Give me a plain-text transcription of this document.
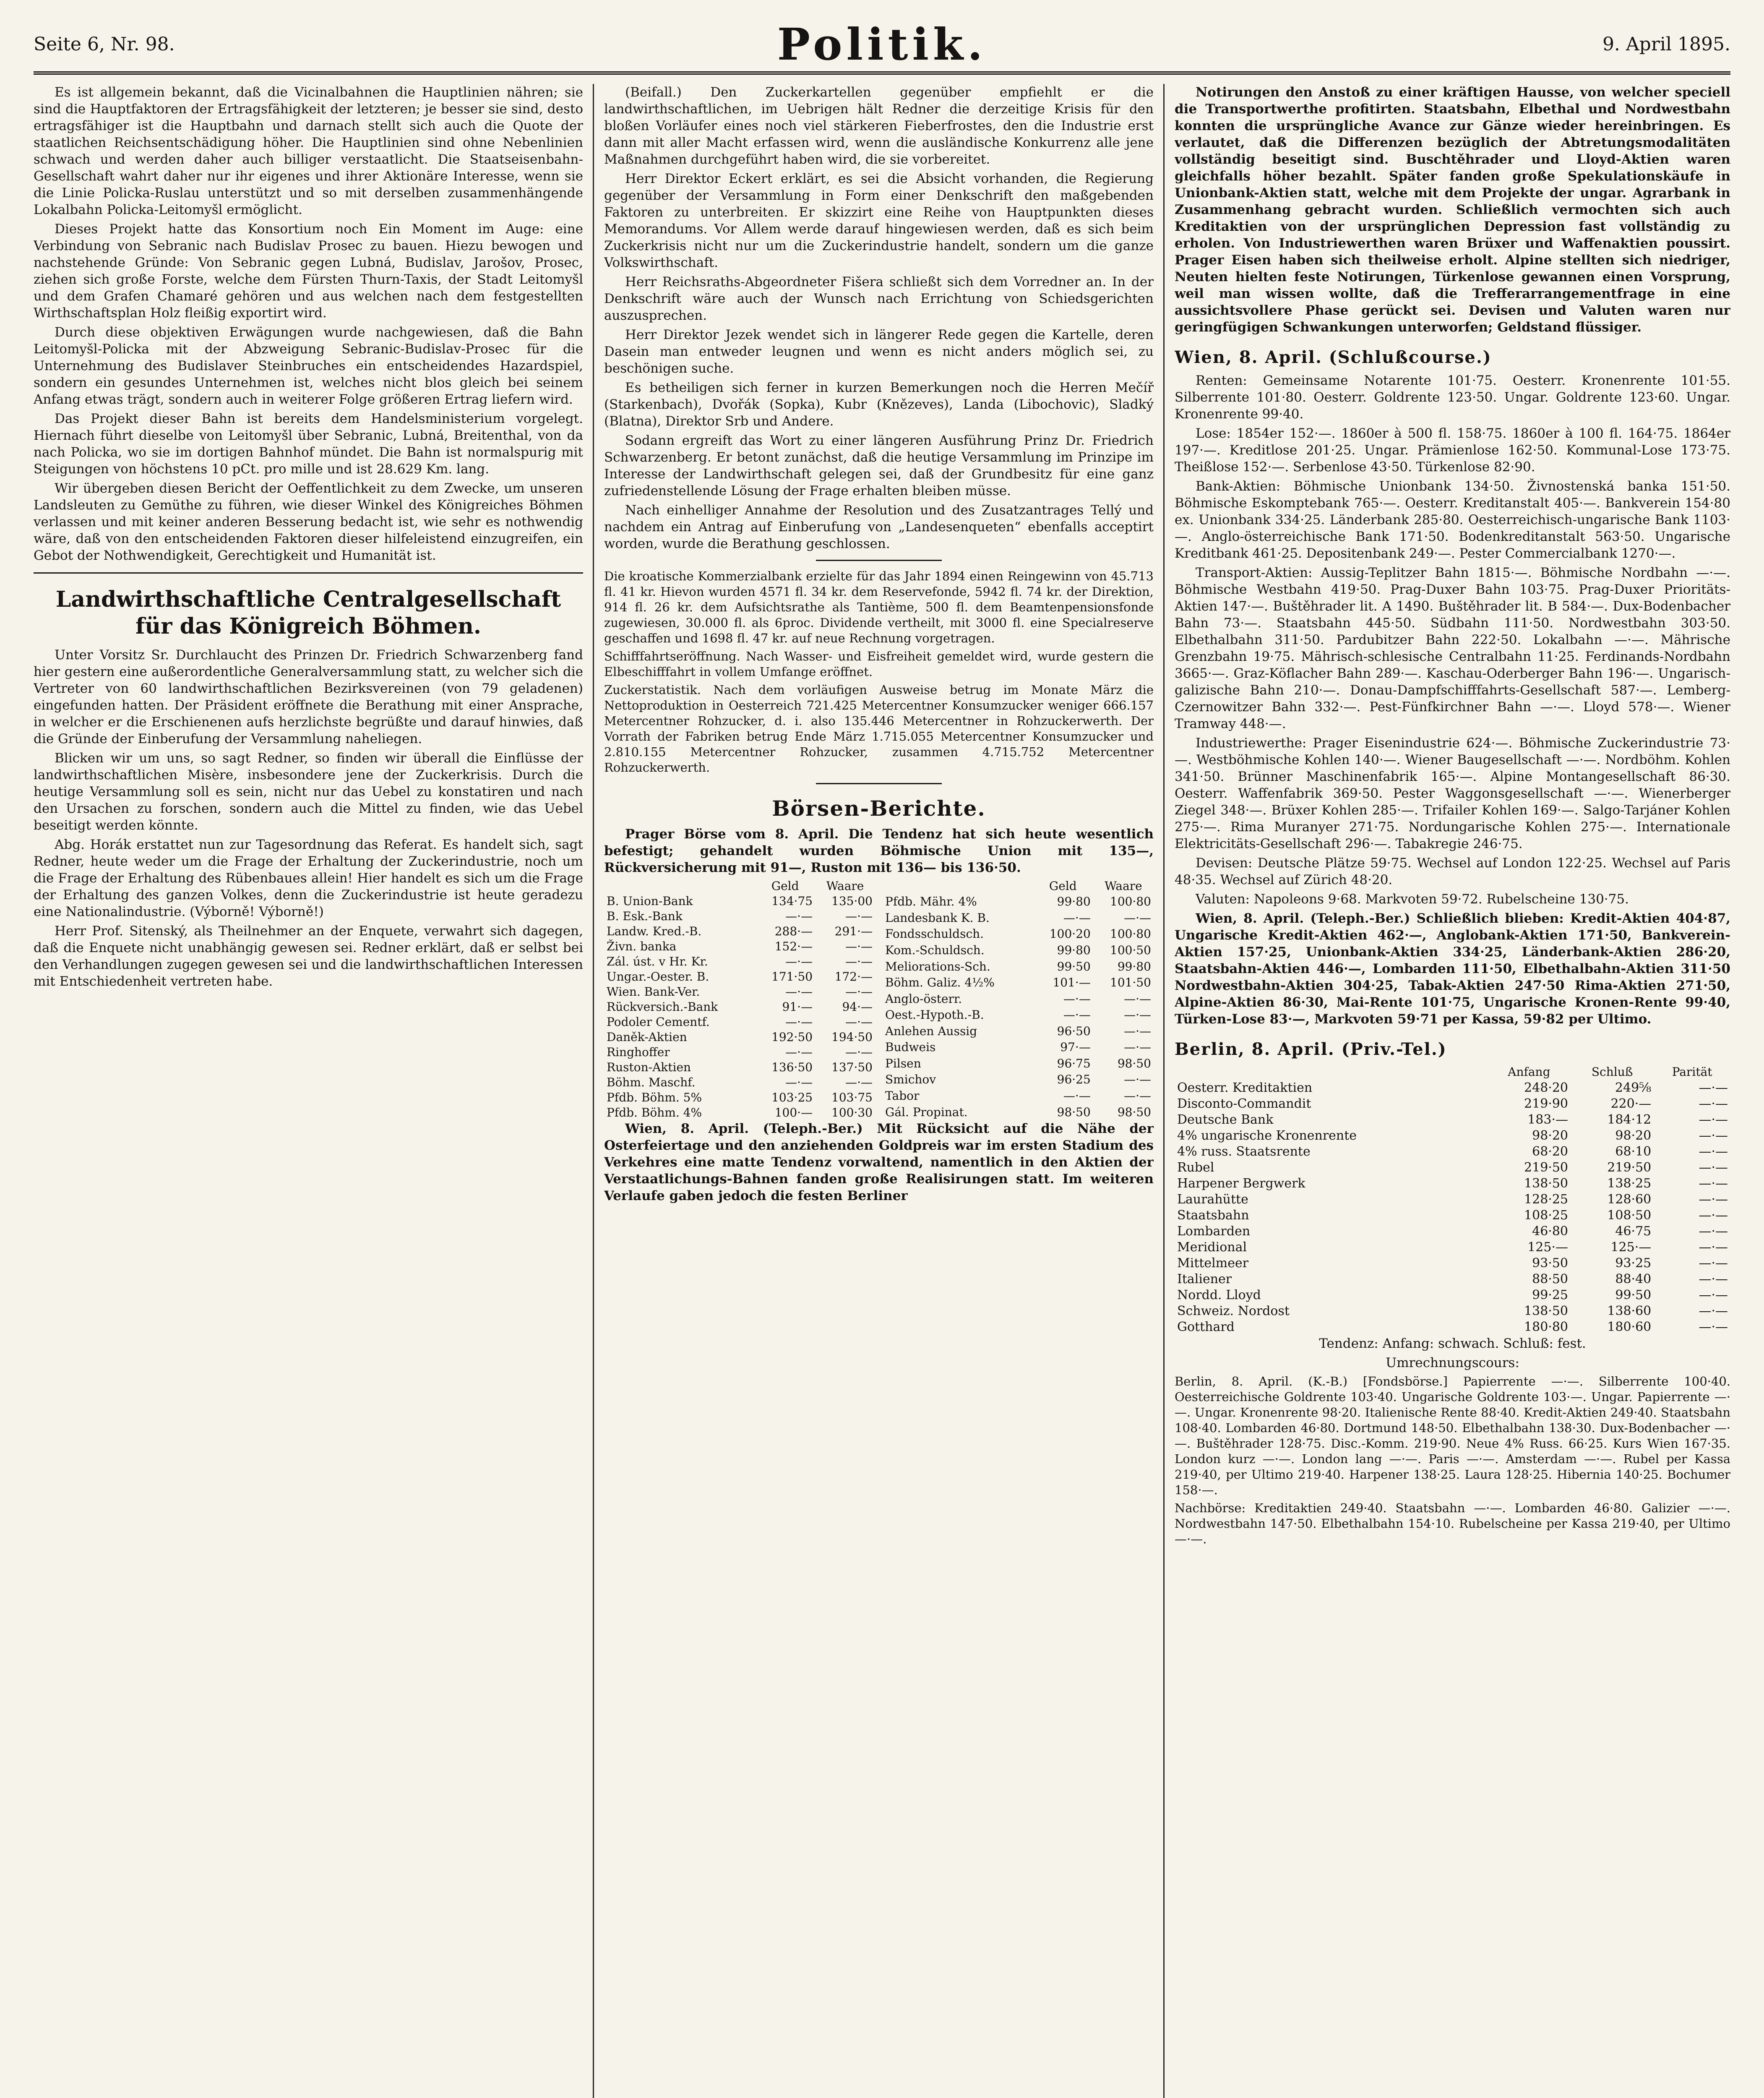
Seite 6, Nr. 98.	Politik.	9. April 1895.

Es ist allgemein bekannt, daß die Vicinalbahnen die Hauptlinien nähren; sie sind die Hauptfaktoren der Ertragsfähigkeit der letzteren; je besser sie sind, desto ertragsfähiger ist die Hauptbahn und darnach stellt sich auch die Quote der staatlichen Reichsentschädigung höher. Die Hauptlinien sind ohne Nebenlinien schwach und werden daher auch billiger verstaatlicht. Die Staatseisenbahn-Gesellschaft wahrt daher nur ihr eigenes und ihrer Aktionäre Interesse, wenn sie die Linie Policka-Ruslau unterstützt und so mit derselben zusammenhängende Lokalbahn Policka-Leitomyšl ermöglicht.

Dieses Projekt hatte das Konsortium noch Ein Moment im Auge: eine Verbindung von Sebranic nach Budislav Prosec zu bauen. Hiezu bewogen und nachstehende Gründe: Von Sebranic gegen Lubná, Budislav, Jarošov, Prosec, ziehen sich große Forste, welche dem Fürsten Thurn-Taxis, der Stadt Leitomyšl und dem Grafen Chamaré gehören und aus welchen nach dem festgestellten Wirthschaftsplan Holz fleißig exportirt wird.

Durch diese objektiven Erwägungen wurde nachgewiesen, daß die Bahn Leitomyšl-Policka mit der Abzweigung Sebranic-Budislav-Prosec für die Unternehmung des Budislaver Steinbruches ein entscheidendes Hazardspiel, sondern ein gesundes Unternehmen ist, welches nicht blos gleich bei seinem Anfang etwas trägt, sondern auch in weiterer Folge größeren Ertrag liefern wird.

Das Projekt dieser Bahn ist bereits dem Handelsministerium vorgelegt. Hiernach führt dieselbe von Leitomyšl über Sebranic, Lubná, Breitenthal, von da nach Policka, wo sie im dortigen Bahnhof mündet. Die Bahn ist normalspurig mit Steigungen von höchstens 10 pCt. pro mille und ist 28.629 Km. lang.

Wir übergeben diesen Bericht der Oeffentlichkeit zu dem Zwecke, um unseren Landsleuten zu Gemüthe zu führen, wie dieser Winkel des Königreiches Böhmen verlassen und mit keiner anderen Besserung bedacht ist, wie sehr es nothwendig wäre, daß von den entscheidenden Faktoren dieser hilfeleistend einzugreifen, ein Gebot der Nothwendigkeit, Gerechtigkeit und Humanität ist.

Landwirthschaftliche Centralgesellschaft für das Königreich Böhmen.

Unter Vorsitz Sr. Durchlaucht des Prinzen Dr. Friedrich Schwarzenberg fand hier gestern eine außerordentliche Generalversammlung statt, zu welcher sich die Vertreter von 60 landwirthschaftlichen Bezirksvereinen (von 79 geladenen) eingefunden hatten. Der Präsident eröffnete die Berathung mit einer Ansprache, in welcher er die Erschienenen aufs herzlichste begrüßte und darauf hinwies, daß die Gründe der Einberufung der Versammlung naheliegen.

Blicken wir um uns, so sagt Redner, so finden wir überall die Einflüsse der landwirthschaftlichen Misère, insbesondere jene der Zuckerkrisis. Durch die heutige Versammlung soll es sein, nicht nur das Uebel zu konstatiren und nach den Ursachen zu forschen, sondern auch die Mittel zu finden, wie das Uebel beseitigt werden könnte.

Abg. Horák erstattet nun zur Tagesordnung das Referat. Es handelt sich, sagt Redner, heute weder um die Frage der Erhaltung der Zuckerindustrie, noch um die Frage der Erhaltung des Rübenbaues allein! Hier handelt es sich um die Frage der Erhaltung des ganzen Volkes, denn die Zuckerindustrie ist heute geradezu eine Nationalindustrie. (Výborně! Výborně!)

Herr Prof. Sitenský, als Theilnehmer an der Enquete, verwahrt sich dagegen, daß die Enquete nicht unabhängig gewesen sei. Redner erklärt, daß er selbst bei den Verhandlungen zugegen gewesen sei und die landwirthschaftlichen Interessen mit Entschiedenheit vertreten habe.

(Beifall.) Den Zuckerkartellen gegenüber empfiehlt er die landwirthschaftlichen, im Uebrigen hält Redner die derzeitige Krisis für den bloßen Vorläufer eines noch viel stärkeren Fieberfrostes, den die Industrie erst dann mit aller Macht erfassen wird, wenn die ausländische Konkurrenz alle jene Maßnahmen durchgeführt haben wird, die sie vorbereitet.

Herr Direktor Eckert erklärt, es sei die Absicht vorhanden, die Regierung gegenüber der Versammlung in Form einer Denkschrift den maßgebenden Faktoren zu unterbreiten. Er skizzirt eine Reihe von Hauptpunkten dieses Memorandums. Vor Allem werde darauf hingewiesen werden, daß es sich beim Zuckerkrisis nicht nur um die Zuckerindustrie handelt, sondern um die ganze Volkswirthschaft.

Herr Reichsraths-Abgeordneter Fišera schließt sich dem Vorredner an. In der Denkschrift wäre auch der Wunsch nach Errichtung von Schiedsgerichten auszusprechen.

Herr Direktor Jezek wendet sich in längerer Rede gegen die Kartelle, deren Dasein man entweder leugnen und wenn es nicht anders möglich sei, zu beschönigen suche.

Es betheiligen sich ferner in kurzen Bemerkungen noch die Herren Mečíř (Starkenbach), Dvořák (Sopka), Kubr (Knězeves), Landa (Libochovic), Sladký (Blatna), Direktor Srb und Andere.

Sodann ergreift das Wort zu einer längeren Ausführung Prinz Dr. Friedrich Schwarzenberg. Er betont zunächst, daß die heutige Versammlung im Prinzipe im Interesse der Landwirthschaft gelegen sei, daß der Grundbesitz für eine ganz zufriedenstellende Lösung der Frage erhalten bleiben müsse.

Nach einhelliger Annahme der Resolution und des Zusatzantrages Tellý und nachdem ein Antrag auf Einberufung von „Landesenqueten“ ebenfalls acceptirt worden, wurde die Berathung geschlossen.

Die kroatische Kommerzialbank erzielte für das Jahr 1894 einen Reingewinn von 45.713 fl. 41 kr. Hievon wurden 4571 fl. 34 kr. dem Reservefonde, 5942 fl. 74 kr. der Direktion, 914 fl. 26 kr. dem Aufsichtsrathe als Tantième, 500 fl. dem Beamtenpensionsfonde zugewiesen, 30.000 fl. als 6proc. Dividende vertheilt, mit 3000 fl. eine Specialreserve geschaffen und 1698 fl. 47 kr. auf neue Rechnung vorgetragen.

Schifffahrtseröffnung. Nach Wasser- und Eisfreiheit gemeldet wird, wurde gestern die Elbeschifffahrt in vollem Umfange eröffnet.

Zuckerstatistik. Nach dem vorläufigen Ausweise betrug im Monate März die Nettoproduktion in Oesterreich 721.425 Metercentner Konsumzucker weniger 666.157 Metercentner Rohzucker, d. i. also 135.446 Metercentner in Rohzuckerwerth. Der Vorrath der Fabriken betrug Ende März 1.715.055 Metercentner Konsumzucker und 2.810.155 Metercentner Rohzucker, zusammen 4.715.752 Metercentner Rohzuckerwerth.

Börsen-Berichte.

Prager Börse vom 8. April. Die Tendenz hat sich heute wesentlich befestigt; gehandelt wurden Böhmische Union mit 135—, Rückversicherung mit 91—, Ruston mit 136— bis 136·50.

	Geld	Waare
B. Union-Bank	134·75	135·00
B. Esk.-Bank	—·—	—·—
Landw. Kred.-B.	288·—	291·—
Živn. banka	152·—	—·—
Zál. úst. v Hr. Kr.	—·—	—·—
Ungar.-Oester. B.	171·50	172·—
Wien. Bank-Ver.	—·—	—·—
Rückversich.-Bank	91·—	94·—
Podoler Cementf.	—·—	—·—
Daněk-Aktien	192·50	194·50
Ringhoffer	—·—	—·—
Ruston-Aktien	136·50	137·50
Böhm. Maschf.	—·—	—·—
Pfdb. Böhm. 5%	103·25	103·75
Pfdb. Böhm. 4%	100·—	100·30
	Geld	Waare
Pfdb. Mähr. 4%	99·80	100·80
Landesbank K. B.	—·—	—·—
Fondsschuldsch.	100·20	100·80
Kom.-Schuldsch.	99·80	100·50
Meliorations-Sch.	99·50	99·80
Böhm. Galiz. 4½%	101·—	101·50
Anglo-österr.	—·—	—·—
Oest.-Hypoth.-B.	—·—	—·—
Anlehen Aussig	96·50	—·—
Budweis	97·—	—·—
Pilsen	96·75	98·50
Smichov	96·25	—·—
Tabor	—·—	—·—
Gál. Propinat.	98·50	98·50

Wien, 8. April. (Teleph.-Ber.) Mit Rücksicht auf die Nähe der Osterfeiertage und den anziehenden Goldpreis war im ersten Stadium des Verkehres eine matte Tendenz vorwaltend, namentlich in den Aktien der Verstaatlichungs-Bahnen fanden große Realisirungen statt. Im weiteren Verlaufe gaben jedoch die festen Berliner

Notirungen den Anstoß zu einer kräftigen Hausse, von welcher speciell die Transportwerthe profitirten. Staatsbahn, Elbethal und Nordwestbahn konnten die ursprüngliche Avance zur Gänze wieder hereinbringen. Es verlautet, daß die Differenzen bezüglich der Abtretungsmodalitäten vollständig beseitigt sind. Buschtěhrader und Lloyd-Aktien waren gleichfalls höher bezahlt. Später fanden große Spekulationskäufe in Unionbank-Aktien statt, welche mit dem Projekte der ungar. Agrarbank in Zusammenhang gebracht wurden. Schließlich vermochten sich auch Kreditaktien von der ursprünglichen Depression fast vollständig zu erholen. Von Industriewerthen waren Brüxer und Waffenaktien poussirt. Prager Eisen haben sich theilweise erholt. Alpine stellten sich niedriger, Neuten hielten feste Notirungen, Türkenlose gewannen einen Vorsprung, weil man wissen wollte, daß die Trefferarrangementfrage in eine aussichtsvollere Phase gerückt sei. Devisen und Valuten waren nur geringfügigen Schwankungen unterworfen; Geldstand flüssiger.

Wien, 8. April. (Schlußcourse.)

Renten: Gemeinsame Notarente 101·75. Oesterr. Kronenrente 101·55. Silberrente 101·80. Oesterr. Goldrente 123·50. Ungar. Goldrente 123·60. Ungar. Kronenrente 99·40.

Lose: 1854er 152·—. 1860er à 500 fl. 158·75. 1860er à 100 fl. 164·75. 1864er 197·—. Kreditlose 201·25. Ungar. Prämienlose 162·50. Kommunal-Lose 173·75. Theißlose 152·—. Serbenlose 43·50. Türkenlose 82·90.

Bank-Aktien: Böhmische Unionbank 134·50. Živnostenská banka 151·50. Böhmische Eskomptebank 765·—. Oesterr. Kreditanstalt 405·—. Bankverein 154·80 ex. Unionbank 334·25. Länderbank 285·80. Oesterreichisch-ungarische Bank 1103·—. Anglo-österreichische Bank 171·50. Bodenkreditanstalt 563·50. Ungarische Kreditbank 461·25. Depositenbank 249·—. Pester Commercialbank 1270·—.

Transport-Aktien: Aussig-Teplitzer Bahn 1815·—. Böhmische Nordbahn —·—. Böhmische Westbahn 419·50. Prag-Duxer Bahn 103·75. Prag-Duxer Prioritäts-Aktien 147·—. Buštěhrader lit. A 1490. Buštěhrader lit. B 584·—. Dux-Bodenbacher Bahn 73·—. Staatsbahn 445·50. Südbahn 111·50. Nordwestbahn 303·50. Elbethalbahn 311·50. Pardubitzer Bahn 222·50. Lokalbahn —·—. Mährische Grenzbahn 19·75. Mährisch-schlesische Centralbahn 11·25. Ferdinands-Nordbahn 3665·—. Graz-Köflacher Bahn 289·—. Kaschau-Oderberger Bahn 196·—. Ungarisch-galizische Bahn 210·—. Donau-Dampfschifffahrts-Gesellschaft 587·—. Lemberg-Czernowitzer Bahn 332·—. Pest-Fünfkirchner Bahn —·—. Lloyd 578·—. Wiener Tramway 448·—.

Industriewerthe: Prager Eisenindustrie 624·—. Böhmische Zuckerindustrie 73·—. Westböhmische Kohlen 140·—. Wiener Baugesellschaft —·—. Nordböhm. Kohlen 341·50. Brünner Maschinenfabrik 165·—. Alpine Montangesellschaft 86·30. Oesterr. Waffenfabrik 369·50. Pester Waggonsgesellschaft —·—. Wienerberger Ziegel 348·—. Brüxer Kohlen 285·—. Trifailer Kohlen 169·—. Salgo-Tarjáner Kohlen 275·—. Rima Muranyer 271·75. Nordungarische Kohlen 275·—. Internationale Elektricitäts-Gesellschaft 296·—. Tabakregie 246·75.

Devisen: Deutsche Plätze 59·75. Wechsel auf London 122·25. Wechsel auf Paris 48·35. Wechsel auf Zürich 48·20.

Valuten: Napoleons 9·68. Markvoten 59·72. Rubelscheine 130·75.

Wien, 8. April. (Teleph.-Ber.) Schließlich blieben: Kredit-Aktien 404·87, Ungarische Kredit-Aktien 462·—, Anglobank-Aktien 171·50, Bankverein-Aktien 157·25, Unionbank-Aktien 334·25, Länderbank-Aktien 286·20, Staatsbahn-Aktien 446·—, Lombarden 111·50, Elbethalbahn-Aktien 311·50 Nordwestbahn-Aktien 304·25, Tabak-Aktien 247·50 Rima-Aktien 271·50, Alpine-Aktien 86·30, Mai-Rente 101·75, Ungarische Kronen-Rente 99·40, Türken-Lose 83·—, Markvoten 59·71 per Kassa, 59·82 per Ultimo.

Berlin, 8. April. (Priv.-Tel.)
	Anfang	Schluß	Parität
Oesterr. Kreditaktien	248·20	249⅝	—·—
Disconto-Commandit	219·90	220·—	—·—
Deutsche Bank	183·—	184·12	—·—
4% ungarische Kronenrente	98·20	98·20	—·—
4% russ. Staatsrente	68·20	68·10	—·—
Rubel	219·50	219·50	—·—
Harpener Bergwerk	138·50	138·25	—·—
Laurahütte	128·25	128·60	—·—
Staatsbahn	108·25	108·50	—·—
Lombarden	46·80	46·75	—·—
Meridional	125·—	125·—	—·—
Mittelmeer	93·50	93·25	—·—
Italiener	88·50	88·40	—·—
Nordd. Lloyd	99·25	99·50	—·—
Schweiz. Nordost	138·50	138·60	—·—
Gotthard	180·80	180·60	—·—

Tendenz: Anfang: schwach. Schluß: fest.

Umrechnungscours:

Berlin, 8. April. (K.-B.) [Fondsbörse.] Papierrente —·—. Silberrente 100·40. Oesterreichische Goldrente 103·40. Ungarische Goldrente 103·—. Ungar. Papierrente —·—. Ungar. Kronenrente 98·20. Italienische Rente 88·40. Kredit-Aktien 249·40. Staatsbahn 108·40. Lombarden 46·80. Dortmund 148·50. Elbethalbahn 138·30. Dux-Bodenbacher —·—. Buštěhrader 128·75. Disc.-Komm. 219·90. Neue 4% Russ. 66·25. Kurs Wien 167·35. London kurz —·—. London lang —·—. Paris —·—. Amsterdam —·—. Rubel per Kassa 219·40, per Ultimo 219·40. Harpener 138·25. Laura 128·25. Hibernia 140·25. Bochumer 158·—.

Nachbörse: Kreditaktien 249·40. Staatsbahn —·—. Lombarden 46·80. Galizier —·—. Nordwestbahn 147·50. Elbethalbahn 154·10. Rubelscheine per Kassa 219·40, per Ultimo —·—.
